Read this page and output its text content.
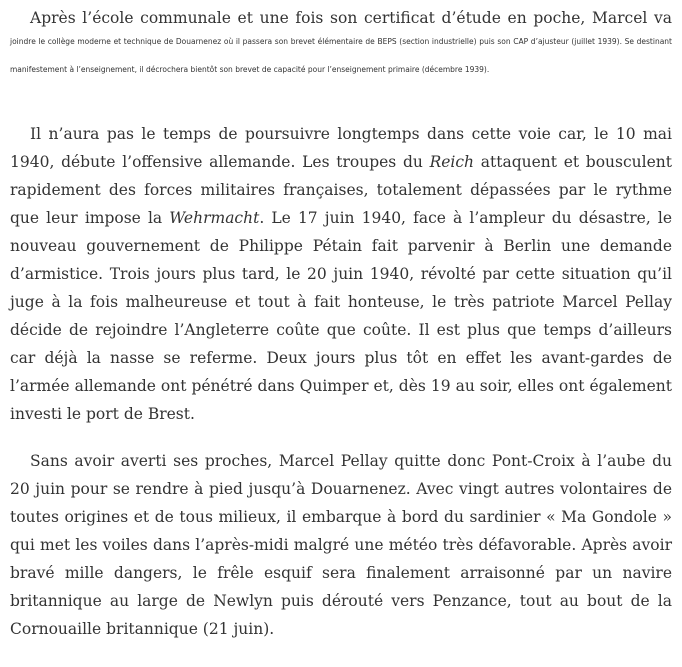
Après l’école communale et une fois son certificat d’étude en poche, Marcel va joindre le collège moderne et technique de Douarnenez où il passera son brevet élémentaire de BEPS (section industrielle) puis son CAP d’ajusteur (juillet 1939). Se destinant manifestement à l’enseignement, il décrochera bientôt son brevet de capacité pour l’enseignement primaire (décembre 1939).

Il n’aura pas le temps de poursuivre longtemps dans cette voie car, le 10 mai 1940, débute l’offensive allemande. Les troupes du Reich attaquent et bousculent rapidement des forces militaires françaises, totalement dépassées par le rythme que leur impose la Wehrmacht. Le 17 juin 1940, face à l’ampleur du désastre, le nouveau gouvernement de Philippe Pétain fait parvenir à Berlin une demande d’armistice. Trois jours plus tard, le 20 juin 1940, révolté par cette situation qu’il juge à la fois malheureuse et tout à fait honteuse, le très patriote Marcel Pellay décide de rejoindre l’Angleterre coûte que coûte. Il est plus que temps d’ailleurs car déjà la nasse se referme. Deux jours plus tôt en effet les avant-gardes de l’armée allemande ont pénétré dans Quimper et, dès 19 au soir, elles ont également investi le port de Brest.

Sans avoir averti ses proches, Marcel Pellay quitte donc Pont-Croix à l’aube du 20 juin pour se rendre à pied jusqu’à Douarnenez. Avec vingt autres volontaires de toutes origines et de tous milieux, il embarque à bord du sardinier « Ma Gondole » qui met les voiles dans l’après-midi malgré une météo très défavorable. Après avoir bravé mille dangers, le frêle esquif sera finalement arraisonné par un navire britannique au large de Newlyn puis dérouté vers Penzance, tout au bout de la Cornouaille britannique (21 juin).
